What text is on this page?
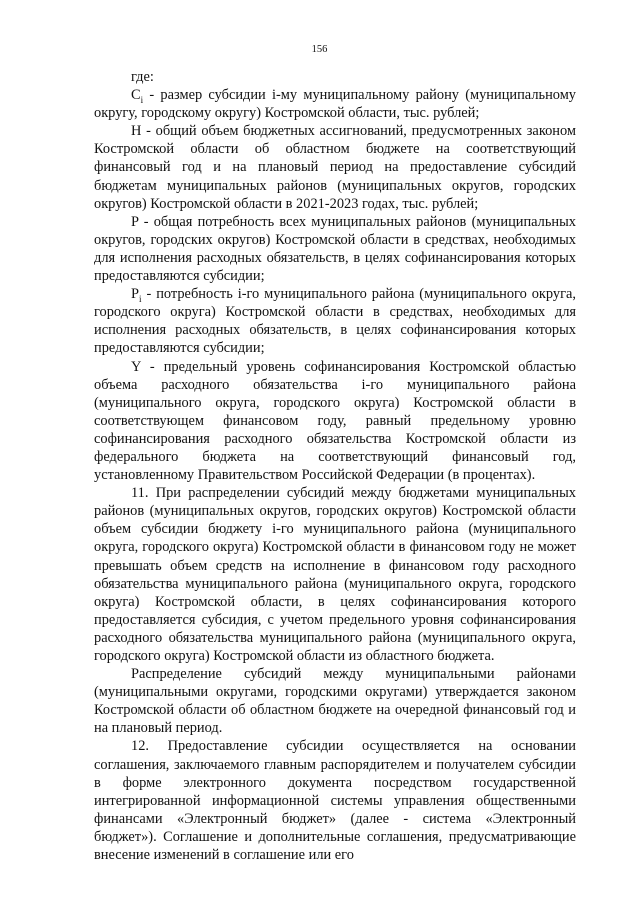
156

где:

$C_i$ - размер субсидии i-му муниципальному району (муниципальному округу, городскому округу) Костромской области, тыс. рублей;

H - общий объем бюджетных ассигнований, предусмотренных законом Костромской области об областном бюджете на соответствующий финансовый год и на плановый период на предоставление субсидий бюджетам муниципальных районов (муниципальных округов, городских округов) Костромской области в 2021-2023 годах, тыс. рублей;

P - общая потребность всех муниципальных районов (муниципальных округов, городских округов) Костромской области в средствах, необходимых для исполнения расходных обязательств, в целях софинансирования которых предоставляются субсидии;

$P_i$ - потребность i-го муниципального района (муниципального округа, городского округа) Костромской области в средствах, необходимых для исполнения расходных обязательств, в целях софинансирования которых предоставляются субсидии;

Y - предельный уровень софинансирования Костромской областью объема расходного обязательства i-го муниципального района (муниципального округа, городского округа) Костромской области в соответствующем финансовом году, равный предельному уровню софинансирования расходного обязательства Костромской области из федерального бюджета на соответствующий финансовый год, установленному Правительством Российской Федерации (в процентах).

11. При распределении субсидий между бюджетами муниципальных районов (муниципальных округов, городских округов) Костромской области объем субсидии бюджету i-го муниципального района (муниципального округа, городского округа) Костромской области в финансовом году не может превышать объем средств на исполнение в финансовом году расходного обязательства муниципального района (муниципального округа, городского округа) Костромской области, в целях софинансирования которого предоставляется субсидия, с учетом предельного уровня софинансирования расходного обязательства муниципального района (муниципального округа, городского округа) Костромской области из областного бюджета.

Распределение субсидий между муниципальными районами (муниципальными округами, городскими округами) утверждается законом Костромской области об областном бюджете на очередной финансовый год и на плановый период.

12. Предоставление субсидии осуществляется на основании соглашения, заключаемого главным распорядителем и получателем субсидии в форме электронного документа посредством государственной интегрированной информационной системы управления общественными финансами «Электронный бюджет» (далее - система «Электронный бюджет»). Соглашение и дополнительные соглашения, предусматривающие внесение изменений в соглашение или его
